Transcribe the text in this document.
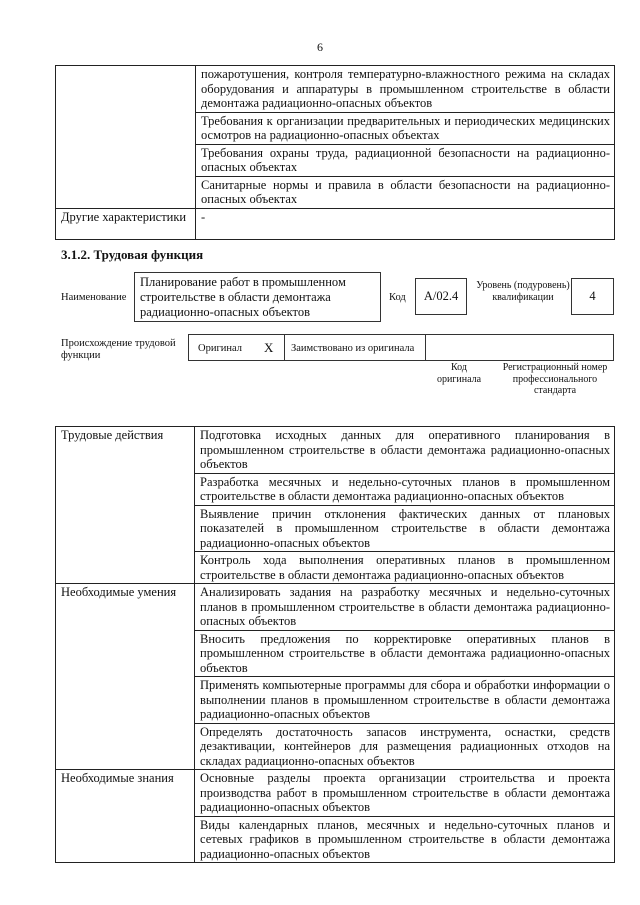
6
	пожаротушения, контроля температурно-влажностного режима на складах оборудования и аппаратуры в промышленном строительстве в области демонтажа радиационно-опасных объектов
	Требования к организации предварительных и периодических медицинских осмотров на радиационно-опасных объектах
	Требования охраны труда, радиационной безопасности на радиационно-опасных объектах
	Санитарные нормы и правила в области безопасности на радиационно-опасных объектах
Другие характеристики	-
3.1.2. Трудовая функция
Наименование
Планирование работ в промышленном строительстве в области демонтажа радиационно-опасных объектов
Код	А/02.4
Уровень (подуровень) квалификации	4
Происхождение трудовой функции
Оригинал Х Заимствовано из оригинала
Код оригинала
Регистрационный номер профессионального стандарта
Трудовые действия	Подготовка исходных данных для оперативного планирования в промышленном строительстве в области демонтажа радиационно-опасных объектов
	Разработка месячных и недельно-суточных планов в промышленном строительстве в области демонтажа радиационно-опасных объектов
	Выявление причин отклонения фактических данных от плановых показателей в промышленном строительстве в области демонтажа радиационно-опасных объектов
	Контроль хода выполнения оперативных планов в промышленном строительстве в области демонтажа радиационно-опасных объектов
Необходимые умения	Анализировать задания на разработку месячных и недельно-суточных планов в промышленном строительстве в области демонтажа радиационно-опасных объектов
	Вносить предложения по корректировке оперативных планов в промышленном строительстве в области демонтажа радиационно-опасных объектов
	Применять компьютерные программы для сбора и обработки информации о выполнении планов в промышленном строительстве в области демонтажа радиационно-опасных объектов
	Определять достаточность запасов инструмента, оснастки, средств дезактивации, контейнеров для размещения радиационных отходов на складах радиационно-опасных объектов
Необходимые знания	Основные разделы проекта организации строительства и проекта производства работ в промышленном строительстве в области демонтажа радиационно-опасных объектов
	Виды календарных планов, месячных и недельно-суточных планов и сетевых графиков в промышленном строительстве в области демонтажа радиационно-опасных объектов
